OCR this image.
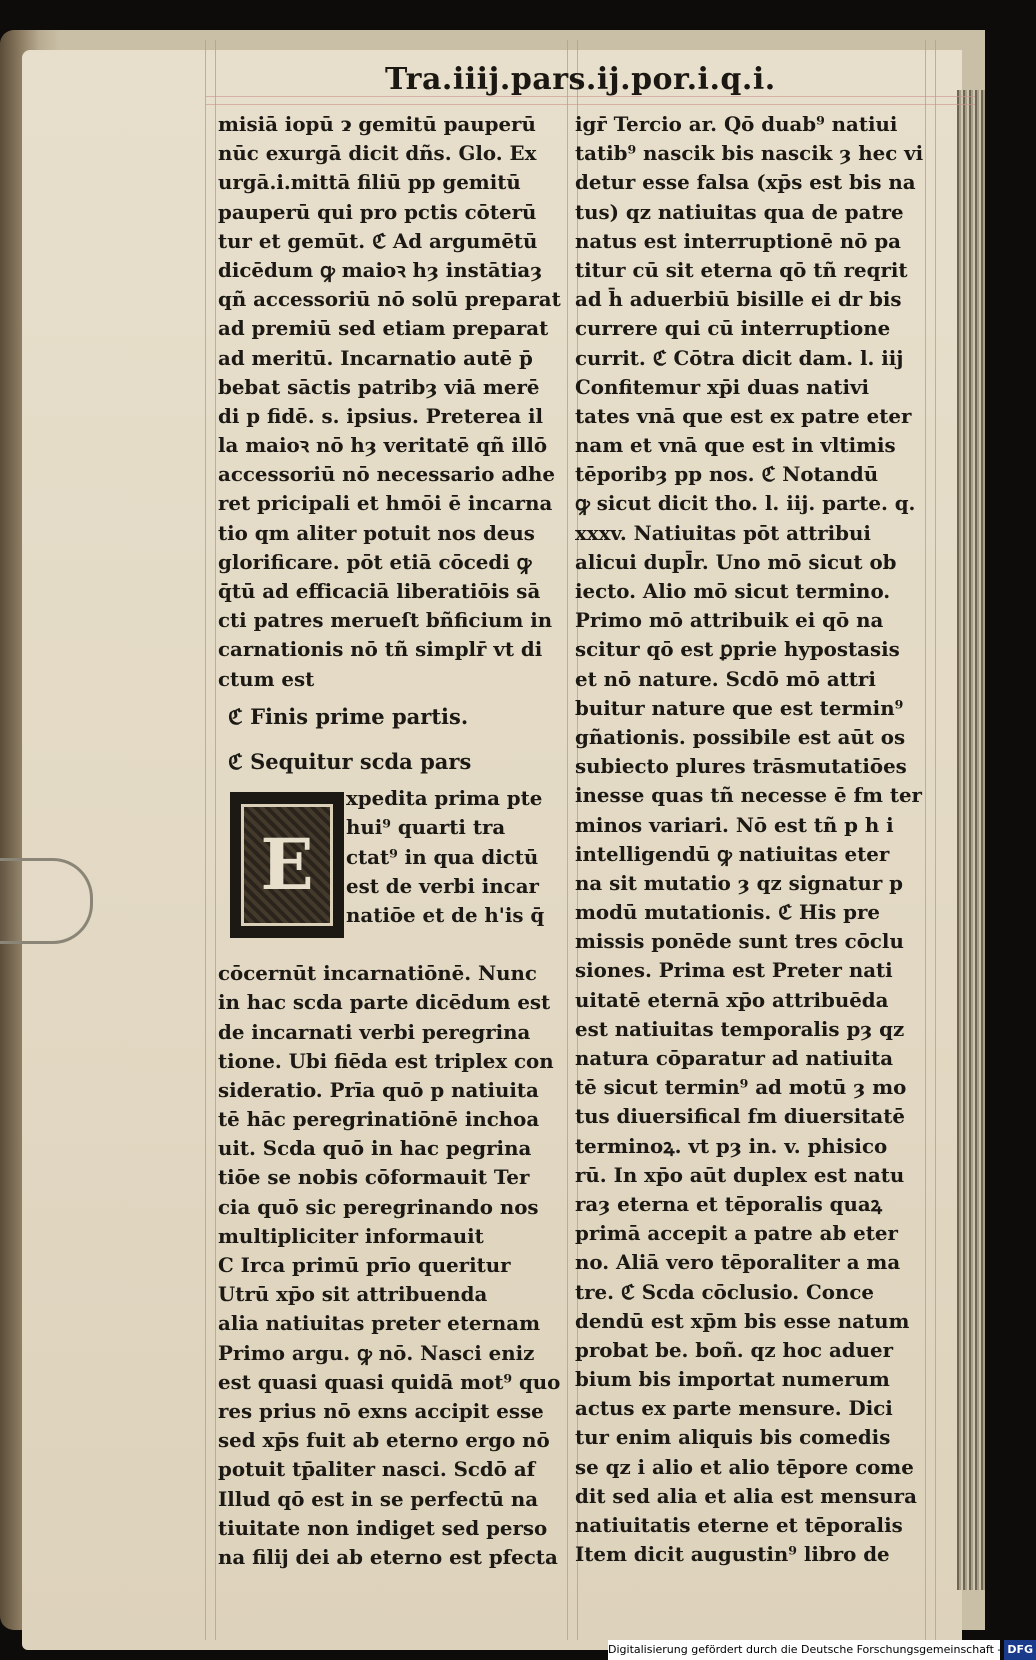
Tra.iiij.pars.ij.por.i.q.i.
misiā iopū ɂ gemitū pauperū
nūc exurgā dicit dñs. Glo. Ex
urgā.i.mittā filiū pp gemitū
pauperū qui pro pctis cōterū
tur et gemūt. ℭ Ad argumētū
dicēdum ꝙ maioꝛ hȝ instātiaȝ
qñ accessoriū nō solū preparat
ad premiū sed etiam preparat
ad meritū. Incarnatio autē p̄
bebat sāctis patribȝ viā merē
di p fidē. s. ipsius. Preterea il
la maioꝛ nō hȝ veritatē qñ illō
accessoriū nō necessario adhe
ret pricipali et hmōi ē incarna
tio qm aliter potuit nos deus
glorificare. pōt etiā cōcedi ꝙ
q̄tū ad efficaciā liberatiōis sā
cti patres merueſt bñficium in
carnationis nō tñ simplr̄ vt di
ctum est
ℭ Finis prime partis.
ℭ Sequitur scda pars
E
xpedita prima pte
hui⁹ quarti tra
ctat⁹ in qua dictū
est de verbi incar
natiōe et de h'is q̄
cōcernūt incarnatiōnē. Nunc
in hac scda parte dicēdum est
de incarnati verbi peregrina
tione. Ubi fiēda est triplex con
sideratio. Prīa quō p natiuita
tē hāc peregrinatiōnē inchoa
uit. Scda quō in hac pegrina
tiōe se nobis cōformauit Ter
cia quō sic peregrinando nos
multipliciter informauit
C Irca primū prīo queritur
Utrū xp̄o sit attribuenda
alia natiuitas preter eternam
Primo argu. ꝙ nō. Nasci eniz
est quasi quasi quidā mot⁹ quo
res prius nō exns accipit esse
sed xp̄s fuit ab eterno ergo nō
potuit tp̄aliter nasci. Scdō af
Illud qō est in se perfectū na
tiuitate non indiget sed perso
na filij dei ab eterno est pfecta
igr̄ Tercio ar. Qō duab⁹ natiui
tatib⁹ nascik bis nascik ȝ hec vi
detur esse falsa (xp̄s est bis na
tus) qz natiuitas qua de patre
natus est interruptionē nō pa
titur cū sit eterna qō tñ reqrit
ad h̄ aduerbiū bisille ei dr bis
currere qui cū interruptione
currit. ℭ Cōtra dicit dam. l. iij
Confitemur xp̄i duas nativi
tates vnā que est ex patre eter
nam et vnā que est in vltimis
tēporibȝ pp nos. ℭ Notandū
ꝙ sicut dicit tho. l. iij. parte. q.
xxxv. Natiuitas pōt attribui
alicui dupl̄r. Uno mō sicut ob
iecto. Alio mō sicut termino.
Primo mō attribuik ei qō na
scitur qō est ꝑprie hypostasis
et nō nature. Scdō mō attri
buitur nature que est termin⁹
gñationis. possibile est aūt os
subiecto plures trāsmutatiōes
inesse quas tñ necesse ē fm ter
minos variari. Nō est tñ p h i
intelligendū ꝙ natiuitas eter
na sit mutatio ȝ qz signatur p
modū mutationis. ℭ His pre
missis ponēde sunt tres cōclu
siones. Prima est Preter nati
uitatē eternā xp̄o attribuēda
est natiuitas temporalis pȝ qz
natura cōparatur ad natiuita
tē sicut termin⁹ ad motū ȝ mo
tus diuersifical fm diuersitatē
terminoꝝ. vt pȝ in. v. phisico
rū. In xp̄o aūt duplex est natu
raȝ eterna et tēporalis quaꝝ
primā accepit a patre ab eter
no. Aliā vero tēporaliter a ma
tre. ℭ Scda cōclusio. Conce
dendū est xp̄m bis esse natum
probat be. boñ. qz hoc aduer
bium bis importat numerum
actus ex parte mensure. Dici
tur enim aliquis bis comedis
se qz i alio et alio tēpore come
dit sed alia et alia est mensura
natiuitatis eterne et tēporalis
Item dicit augustin⁹ libro de
Digitalisierung gefördert durch die Deutsche Forschungsgemeinschaft - DFG
